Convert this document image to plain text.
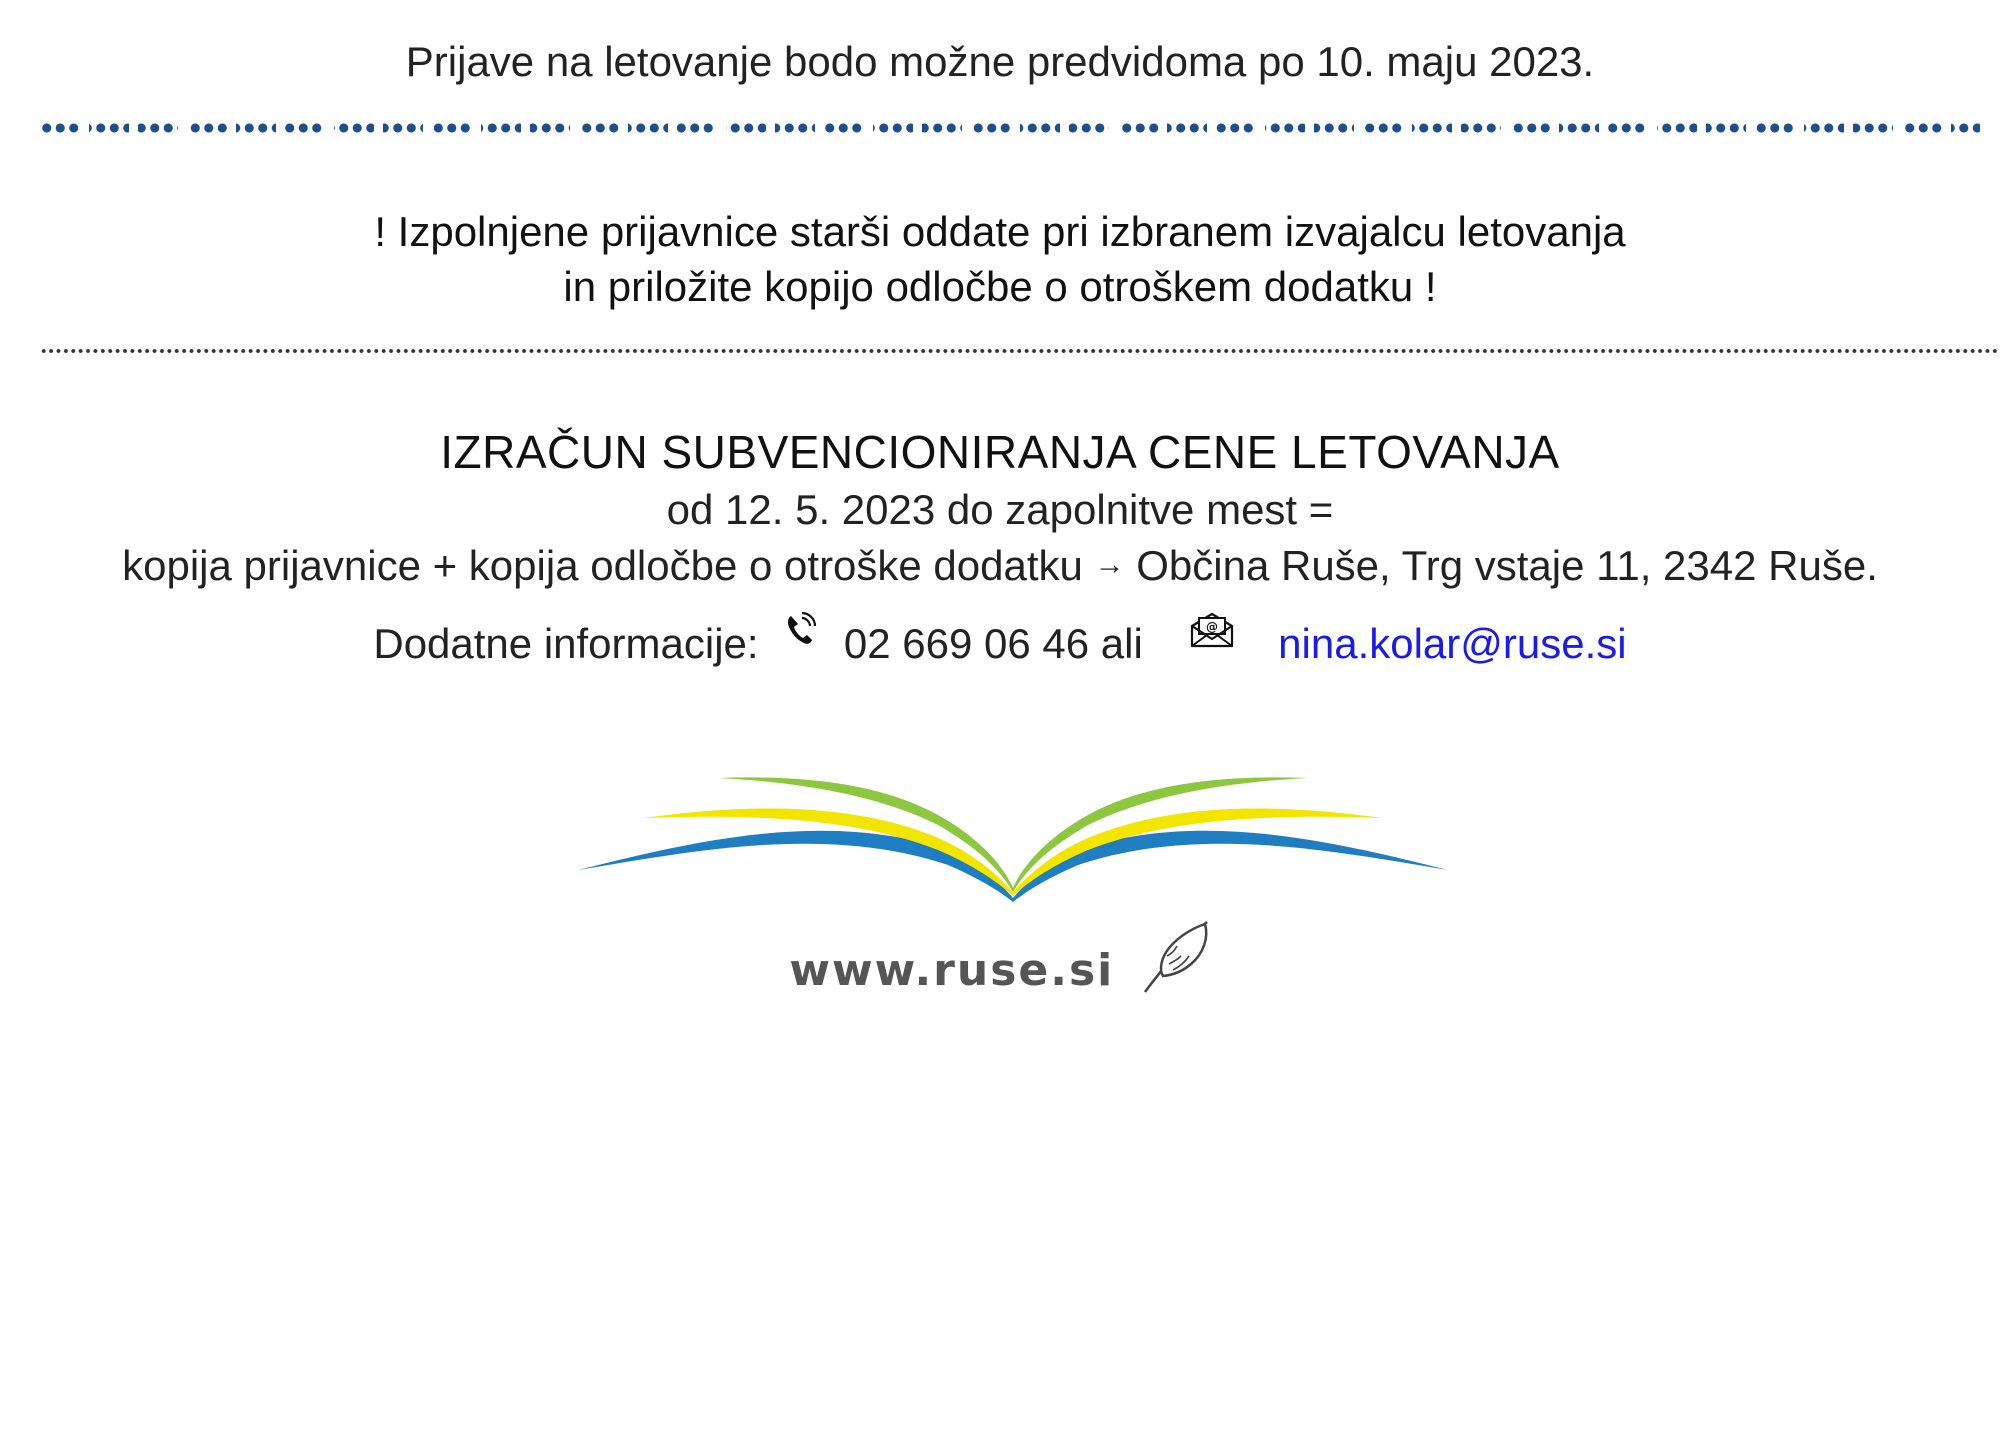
Prijave na letovanje bodo možne predvidoma po 10. maju 2023.
! Izpolnjene prijavnice starši oddate pri izbranem izvajalcu letovanja
in priložite kopijo odločbe o otroškem dodatku !
IZRAČUN SUBVENCIONIRANJA CENE LETOVANJA
od 12. 5. 2023 do zapolnitve mest =
kopija prijavnice + kopija odločbe o otroške dodatku → Občina Ruše, Trg vstaje 11, 2342 Ruše.
Dodatne informacije: 02 669 06 46 ali	@ nina.kolar@ruse.si
www.ruse.si
